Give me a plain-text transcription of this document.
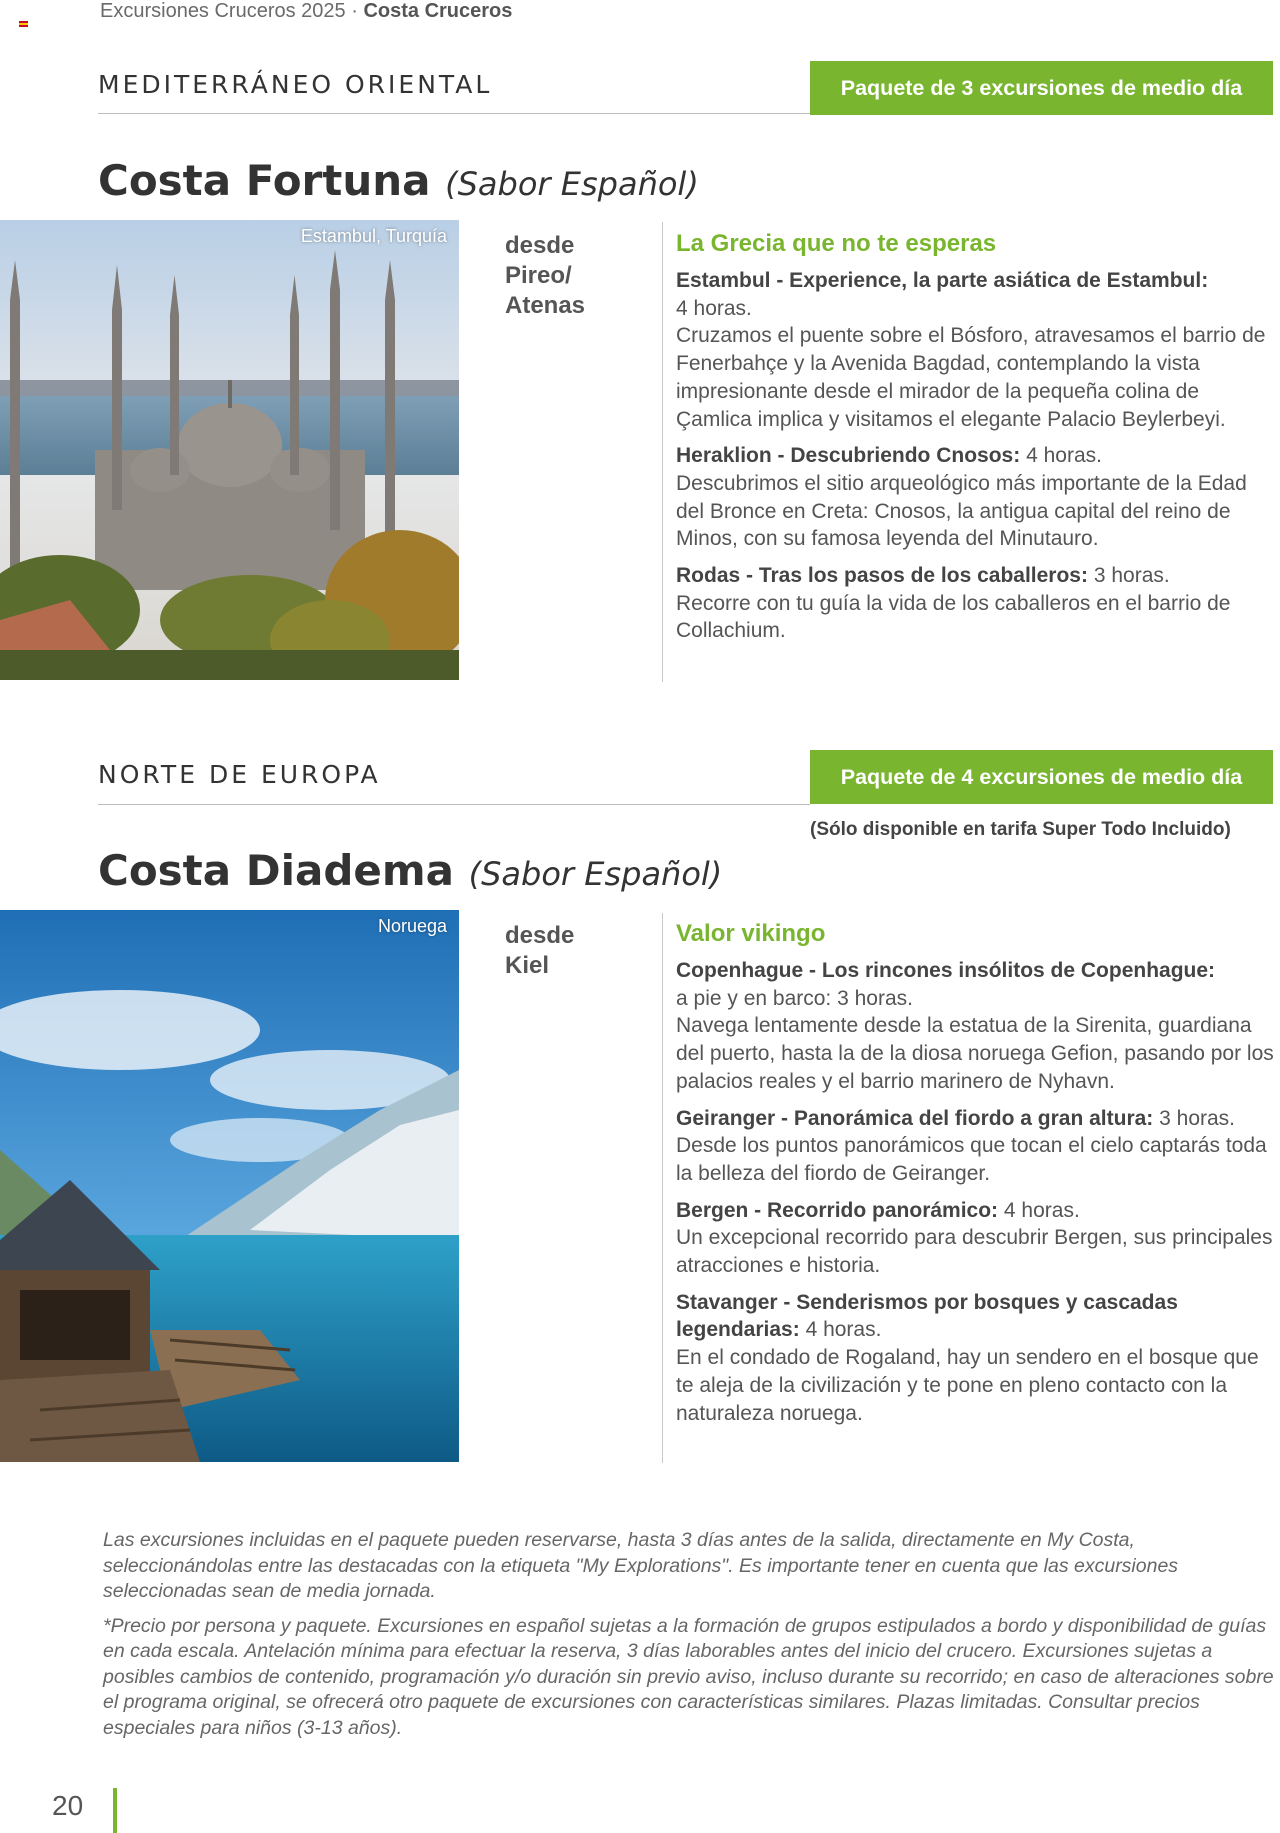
Excursiones Cruceros 2025 · Costa Cruceros
MEDITERRÁNEO ORIENTAL	Paquete de 3 excursiones de medio día
Costa Fortuna (Sabor Español)
Estambul, Turquía desde
Pireo/
Atenas
La Grecia que no te esperas
Estambul - Experience, la parte asiática de Estambul:
4 horas.
Cruzamos el puente sobre el Bósforo, atravesamos el barrio de Fenerbahçe y la Avenida Bagdad, contemplando la vista impresionante desde el mirador de la pequeña colina de Çamlica implica y visitamos el elegante Palacio Beylerbeyi.
Heraklion - Descubriendo Cnosos: 4 horas.
Descubrimos el sitio arqueológico más importante de la Edad del Bronce en Creta: Cnosos, la antigua capital del reino de Minos, con su famosa leyenda del Minutauro.
Rodas - Tras los pasos de los caballeros: 3 horas.
Recorre con tu guía la vida de los caballeros en el barrio de Collachium.
NORTE DE EUROPA	Paquete de 4 excursiones de medio día
(Sólo disponible en tarifa Super Todo Incluido)
Costa Diadema (Sabor Español)
Noruega desde
Kiel
Valor vikingo
Copenhague - Los rincones insólitos de Copenhague:
a pie y en barco: 3 horas.
Navega lentamente desde la estatua de la Sirenita, guardiana del puerto, hasta la de la diosa noruega Gefion, pasando por los palacios reales y el barrio marinero de Nyhavn.
Geiranger - Panorámica del fiordo a gran altura: 3 horas.
Desde los puntos panorámicos que tocan el cielo captarás toda la belleza del fiordo de Geiranger.
Bergen - Recorrido panorámico: 4 horas.
Un excepcional recorrido para descubrir Bergen, sus principales atracciones e historia.
Stavanger - Senderismos por bosques y cascadas legendarias: 4 horas.
En el condado de Rogaland, hay un sendero en el bosque que te aleja de la civilización y te pone en pleno contacto con la naturaleza noruega.

Las excursiones incluidas en el paquete pueden reservarse, hasta 3 días antes de la salida, directamente en My Costa, seleccionándolas entre las destacadas con la etiqueta "My Explorations". Es importante tener en cuenta que las excursiones seleccionadas sean de media jornada.

*Precio por persona y paquete. Excursiones en español sujetas a la formación de grupos estipulados a bordo y disponibilidad de guías en cada escala. Antelación mínima para efectuar la reserva, 3 días laborables antes del inicio del crucero. Excursiones sujetas a posibles cambios de contenido, programación y/o duración sin previo aviso, incluso durante su recorrido; en caso de alteraciones sobre el programa original, se ofrecerá otro paquete de excursiones con características similares. Plazas limitadas. Consultar precios especiales para niños (3-13 años).

20
